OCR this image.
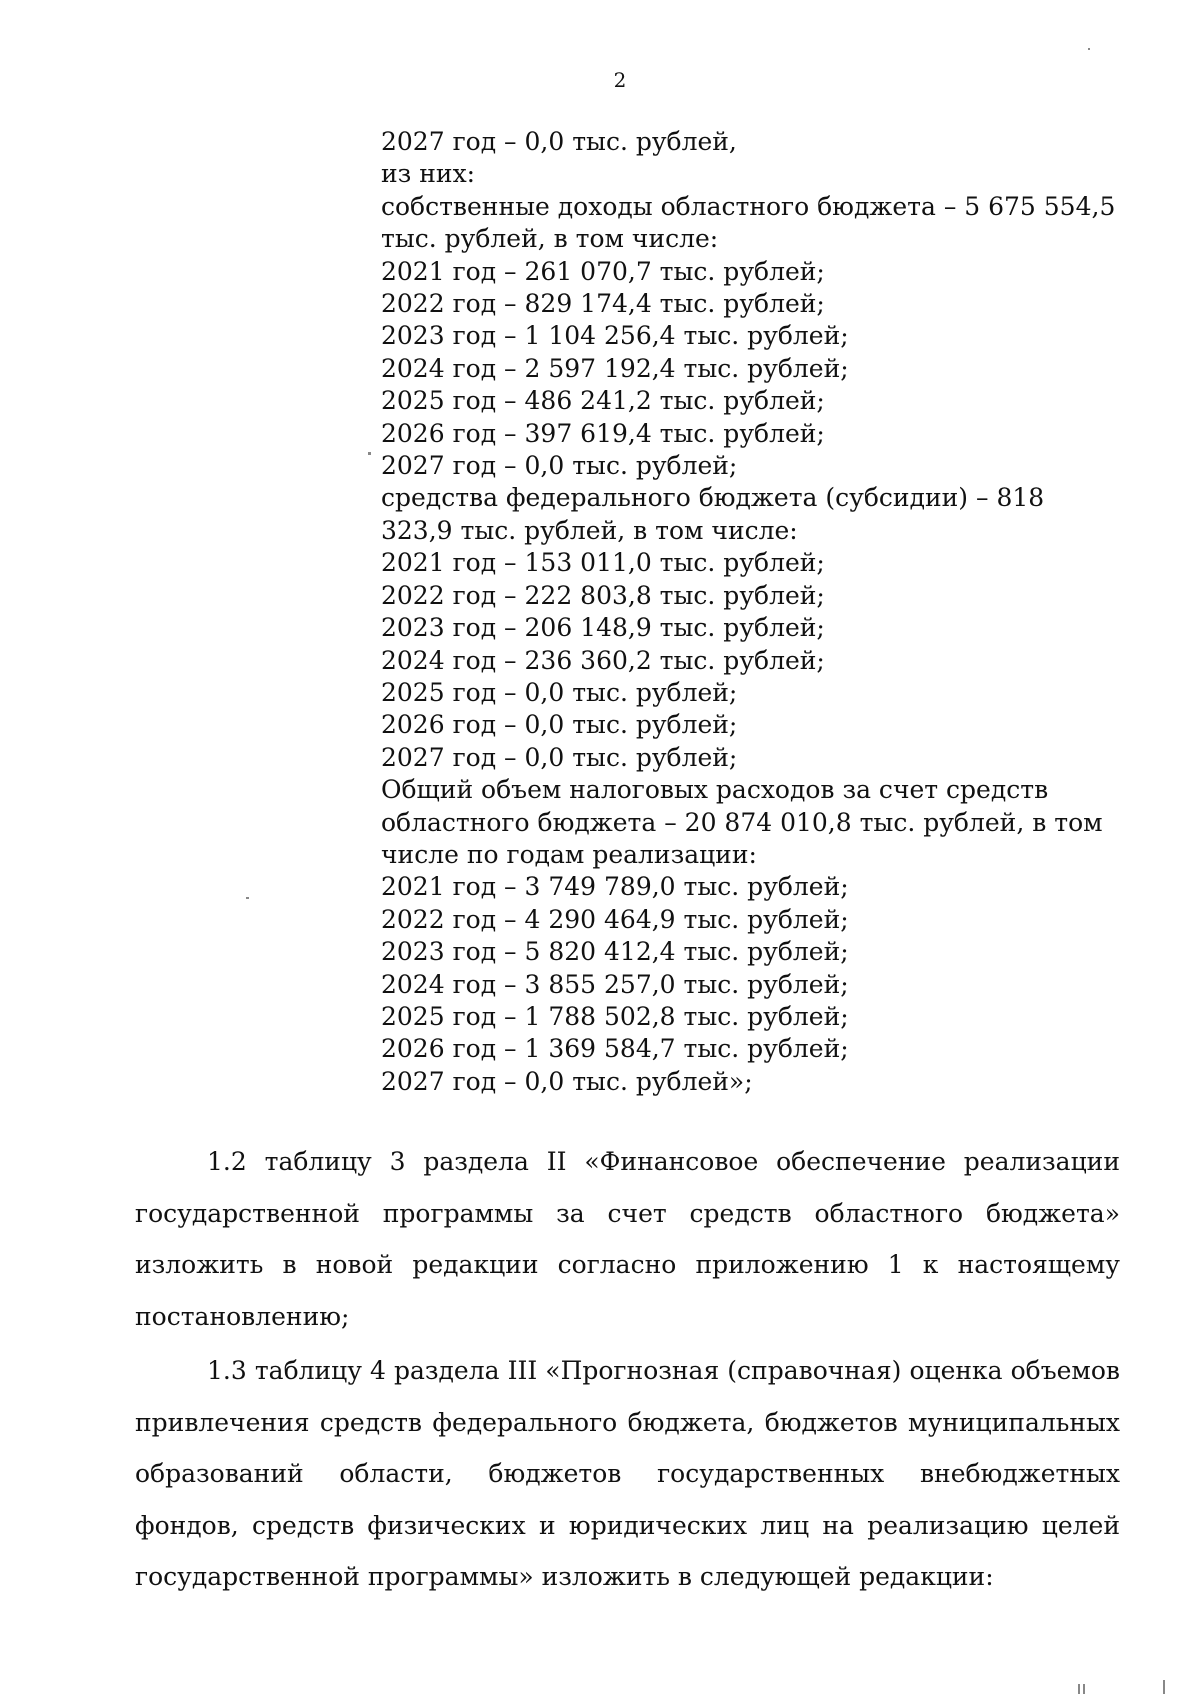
2
2027 год – 0,0 тыс. рублей,
из них:
собственные доходы областного бюджета – 5 675 554,5 тыс. рублей, в том числе:
2021 год – 261 070,7 тыс. рублей;
2022 год – 829 174,4 тыс. рублей;
2023 год – 1 104 256,4 тыс. рублей;
2024 год – 2 597 192,4 тыс. рублей;
2025 год – 486 241,2 тыс. рублей;
2026 год – 397 619,4 тыс. рублей;
2027 год – 0,0 тыс. рублей;
средства федерального бюджета (субсидии) – 818 323,9 тыс. рублей, в том числе:
2021 год – 153 011,0 тыс. рублей;
2022 год – 222 803,8 тыс. рублей;
2023 год – 206 148,9 тыс. рублей;
2024 год – 236 360,2 тыс. рублей;
2025 год – 0,0 тыс. рублей;
2026 год – 0,0 тыс. рублей;
2027 год – 0,0 тыс. рублей;
Общий объем налоговых расходов за счет средств областного бюджета – 20 874 010,8 тыс. рублей, в том числе по годам реализации:
2021 год – 3 749 789,0 тыс. рублей;
2022 год – 4 290 464,9 тыс. рублей;
2023 год – 5 820 412,4 тыс. рублей;
2024 год – 3 855 257,0 тыс. рублей;
2025 год – 1 788 502,8 тыс. рублей;
2026 год – 1 369 584,7 тыс. рублей;
2027 год – 0,0 тыс. рублей»;

1.2 таблицу 3 раздела II «Финансовое обеспечение реализации государственной программы за счет средств областного бюджета» изложить в новой редакции согласно приложению 1 к настоящему постановлению;

1.3 таблицу 4 раздела III «Прогнозная (справочная) оценка объемов привлечения средств федерального бюджета, бюджетов муниципальных образований области, бюджетов государственных внебюджетных фондов, средств физических и юридических лиц на реализацию целей государственной программы» изложить в следующей редакции:
